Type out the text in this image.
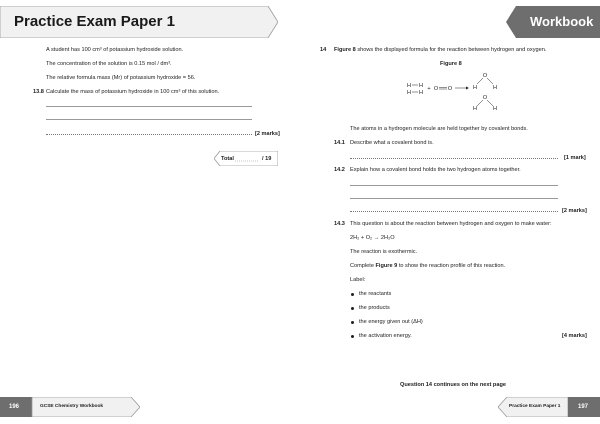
Practice Exam Paper 1	Workbook
A student has 100 cm³ of potassium hydroxide solution.
The concentration of the solution is 0.15 mol / dm³.
The relative formula mass (Mr) of potassium hydroxide = 56.
13.8 Calculate the mass of potassium hydroxide in 100 cm³ of this solution.
[2 marks]
Total	/ 19
14 Figure 8 shows the displayed formula for the reaction between hydrogen and oxygen.
Figure 8
H H
H H
+ O O
O
H	H
O
H	H
The atoms in a hydrogen molecule are held together by covalent bonds.
14.1 Describe what a covalent bond is.
[1 mark]
14.2 Explain how a covalent bond holds the two hydrogen atoms together.
[2 marks]
14.3 This question is about the reaction between hydrogen and oxygen to make water:
2H₂ + O₂ → 2H₂O
The reaction is exothermic.
Complete Figure 9 to show the reaction profile of this reaction.
Label:
the reactants
the products
the energy given out (ΔH)
the activation energy.	[4 marks]
Question 14 continues on the next page
196	GCSE Chemistry Workbook	Practice Exam Paper 1	197
